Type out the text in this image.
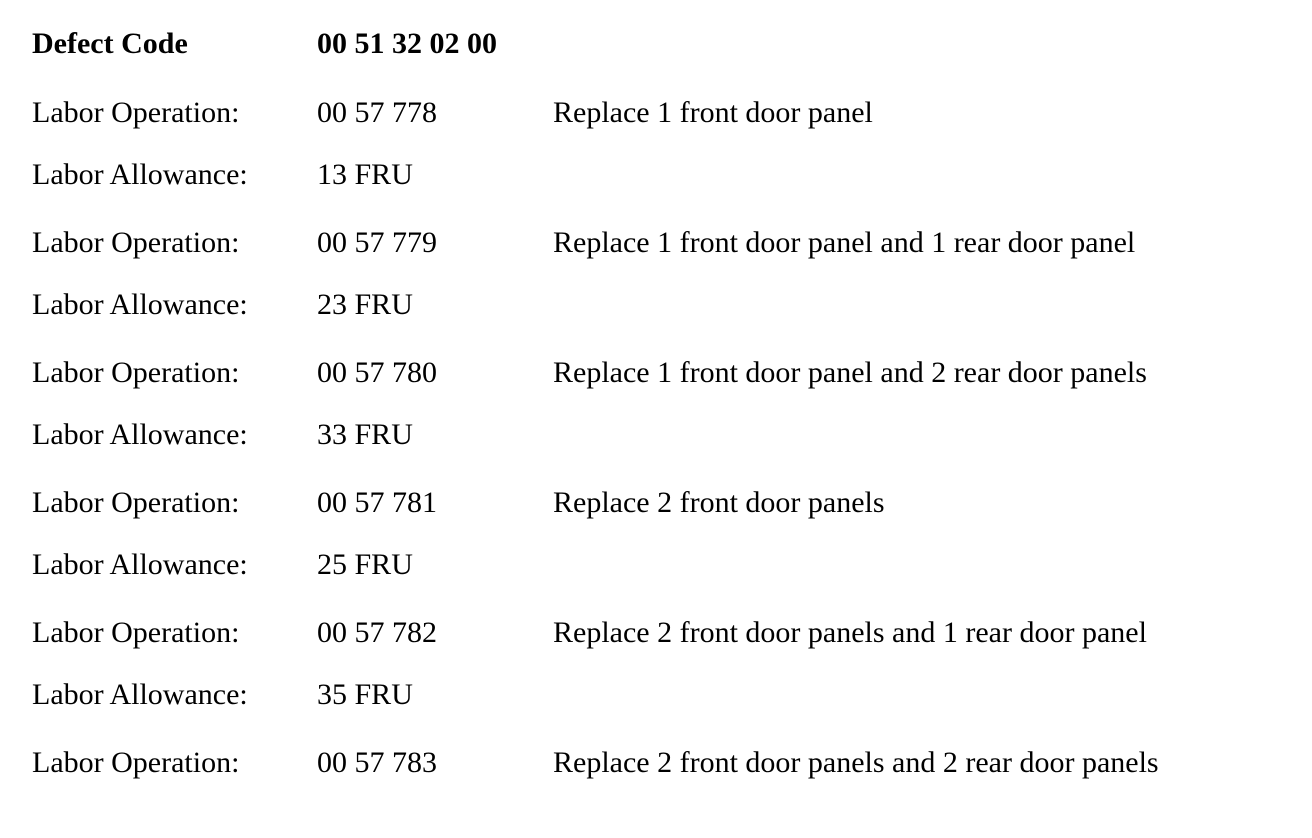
Defect Code	00 51 32 02 00
Labor Operation:	00 57 778	Replace 1 front door panel
Labor Allowance:	13 FRU
Labor Operation:	00 57 779	Replace 1 front door panel and 1 rear door panel
Labor Allowance:	23 FRU
Labor Operation:	00 57 780	Replace 1 front door panel and 2 rear door panels
Labor Allowance:	33 FRU
Labor Operation:	00 57 781	Replace 2 front door panels
Labor Allowance:	25 FRU
Labor Operation:	00 57 782	Replace 2 front door panels and 1 rear door panel
Labor Allowance:	35 FRU
Labor Operation:	00 57 783	Replace 2 front door panels and 2 rear door panels
